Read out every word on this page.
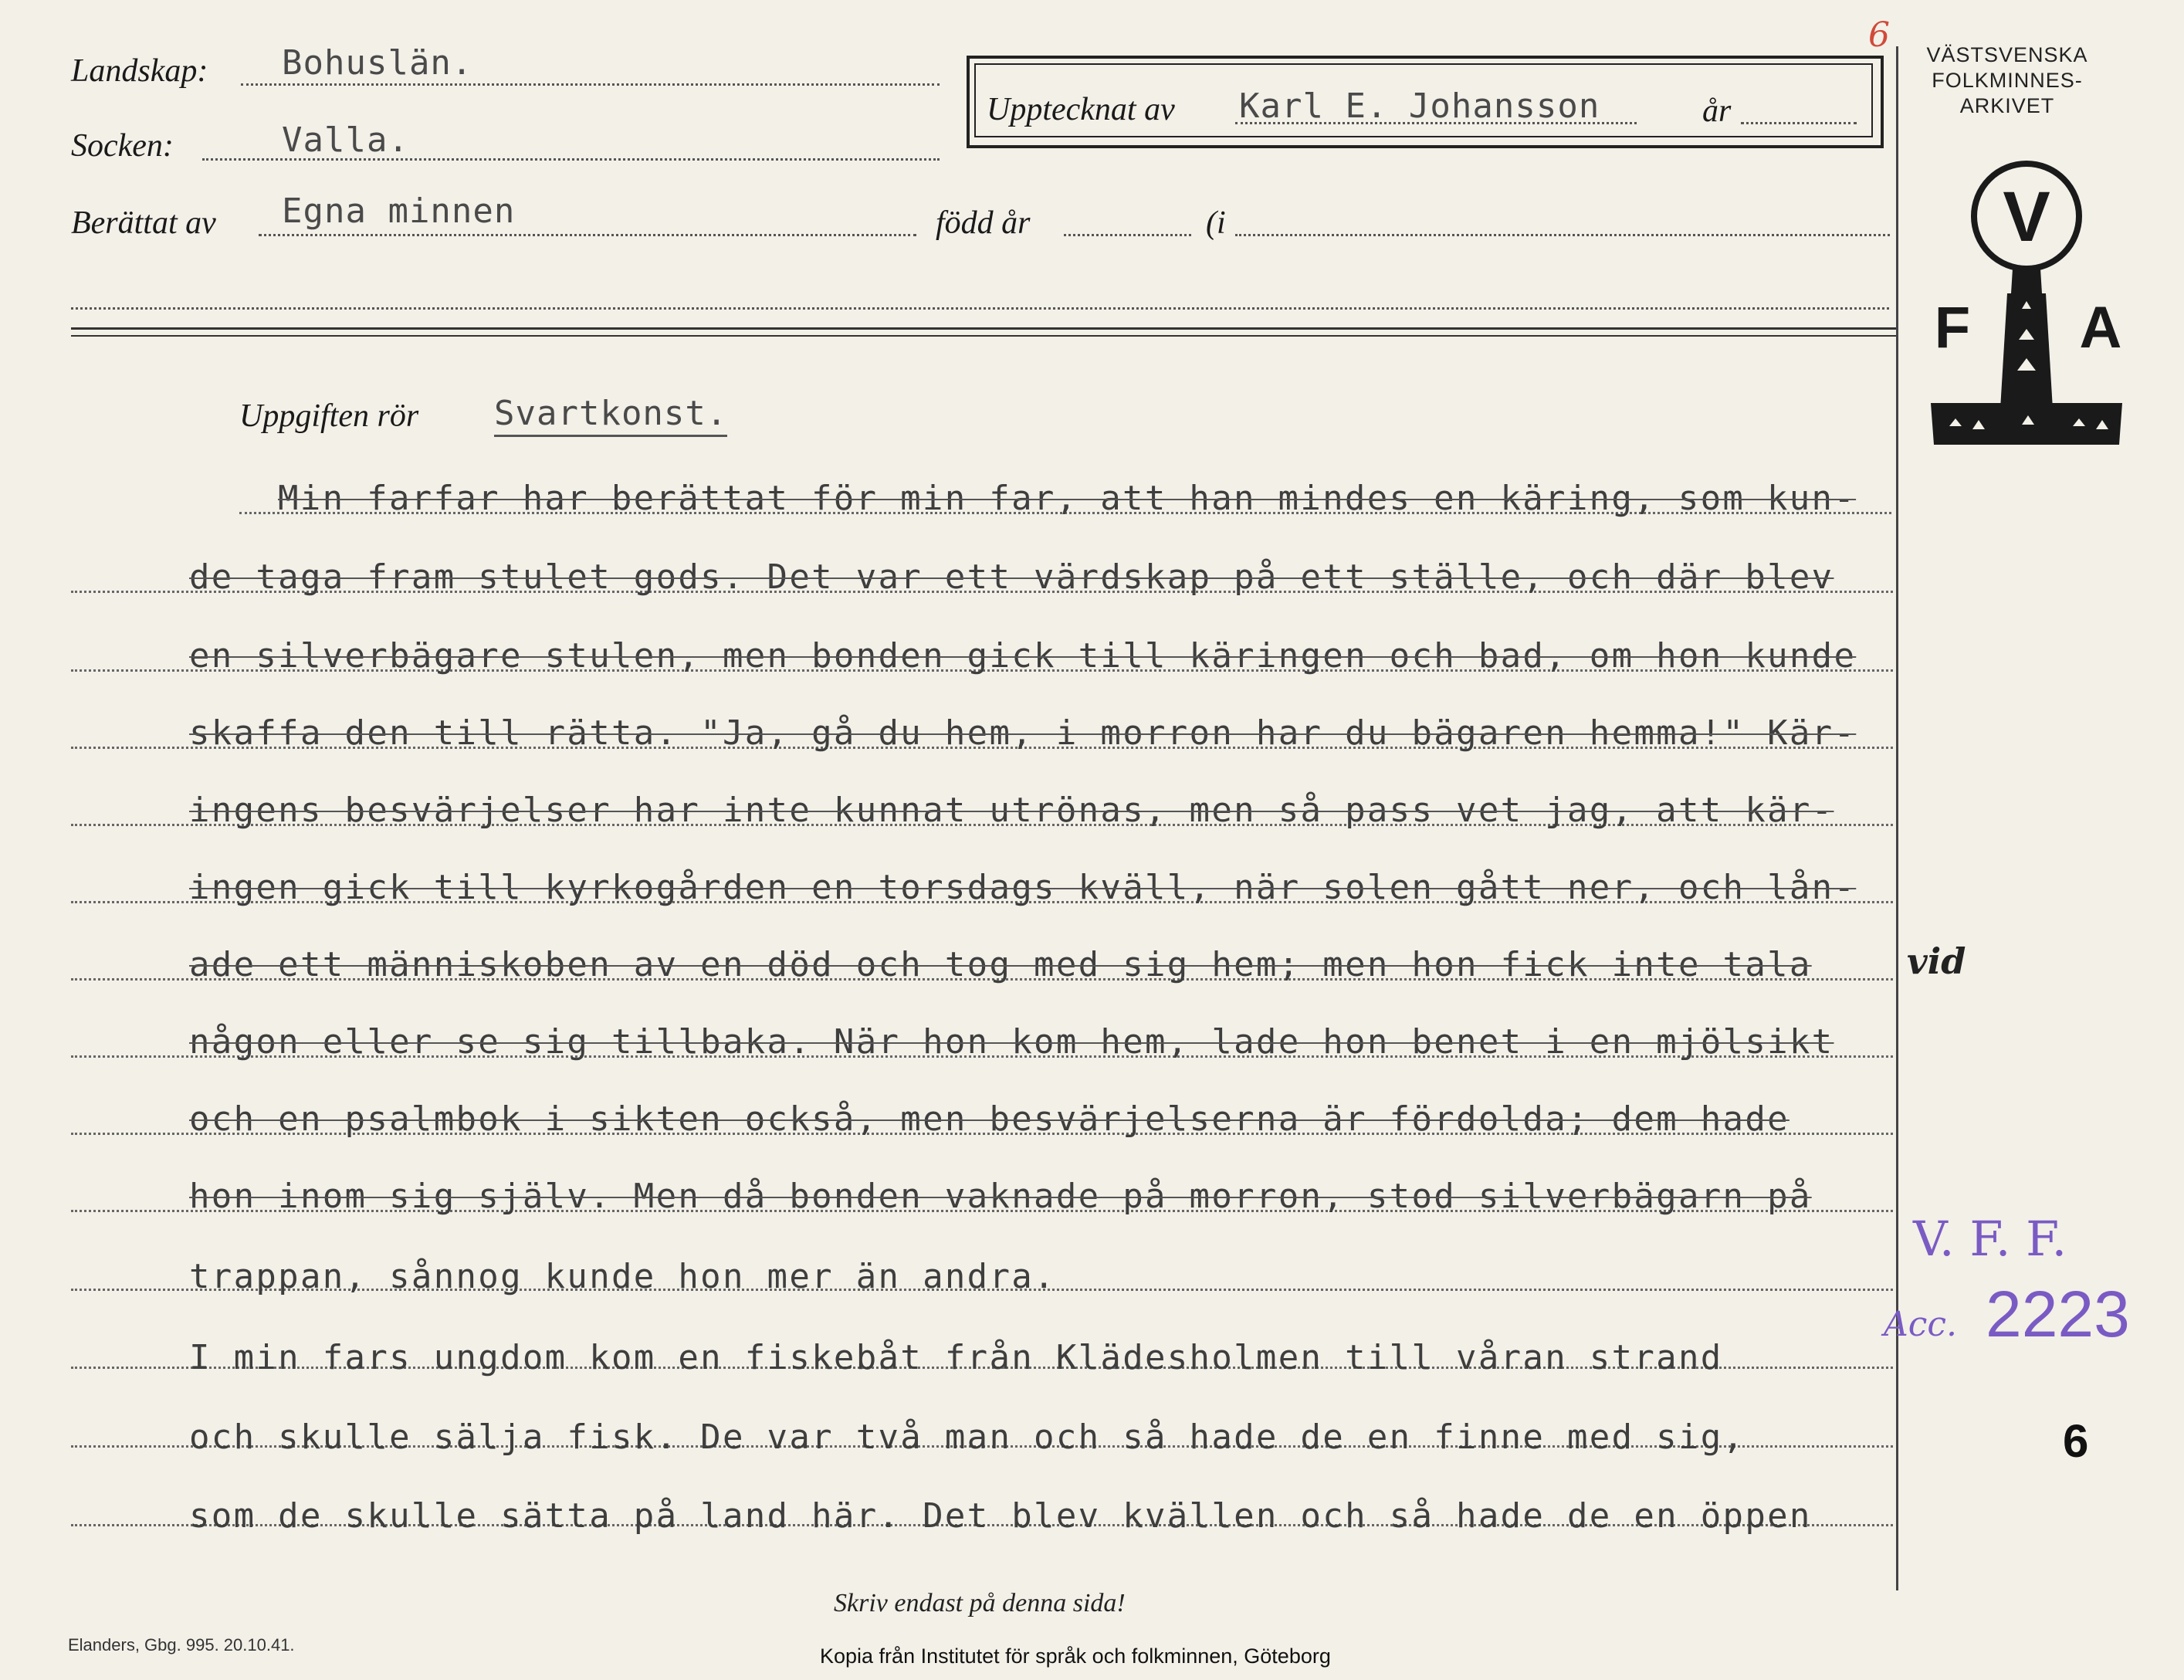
Landskap: Bohuslän.
Socken:	Valla.
Upptecknat av Karl E. Johansson	år
Berättat av Egna minnen	född år	(i
VÄSTSVENSKA
FOLKMINNES-
ARKIVET
V
F A
Uppgiften rör Svartkonst.
Min farfar har berättat för min far, att han mindes en käring, som kun-
de taga fram stulet gods. Det var ett värdskap på ett ställe, och där blev
en silverbägare stulen, men bonden gick till käringen och bad, om hon kunde
skaffa den till rätta. "Ja, gå du hem, i morron har du bägaren hemma!" Kär-
ingens besvärjelser har inte kunnat utrönas, men så pass vet jag, att kär-
ingen gick till kyrkogården en torsdags kväll, när solen gått ner, och lån-
ade ett människoben av en död och tog med sig hem; men hon fick inte tala
någon eller se sig tillbaka. När hon kom hem, lade hon benet i en mjölsikt
och en psalmbok i sikten också, men besvärjelserna är fördolda; dem hade
hon inom sig själv. Men då bonden vaknade på morron, stod silverbägarn på
trappan, sånnog kunde hon mer än andra.
I min fars ungdom kom en fiskebåt från Klädesholmen till våran strand
och skulle sälja fisk. De var två man och så hade de en finne med sig,
som de skulle sätta på land här. Det blev kvällen och så hade de en öppen
vid
6
V. F. F.
Acc. 2223
6
Skriv endast på denna sida!
Elanders, Gbg. 995. 20.10.41.	Kopia från Institutet för språk och folkminnen, Göteborg
